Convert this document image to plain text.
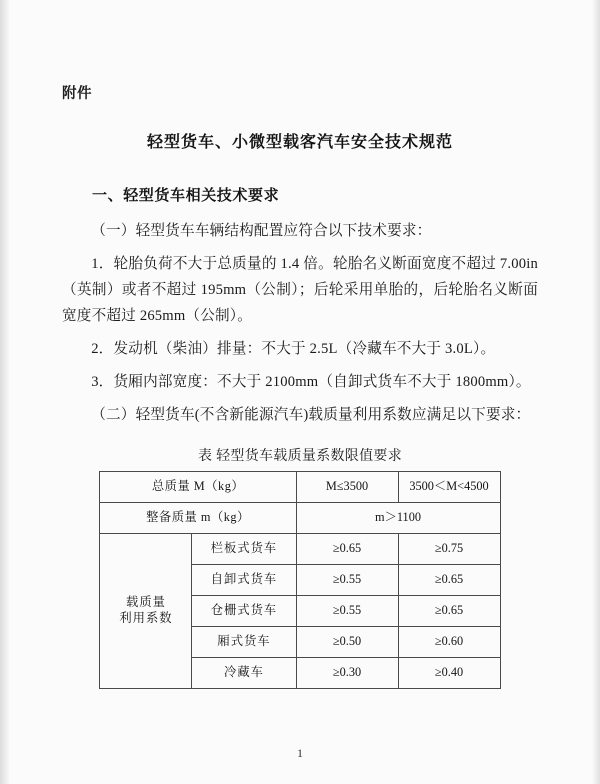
附件
轻型货车、小微型载客汽车安全技术规范
一、轻型货车相关技术要求

（一）轻型货车车辆结构配置应符合以下技术要求：

1．轮胎负荷不大于总质量的 1.4 倍。轮胎名义断面宽度不超过 7.00in（英制）或者不超过 195mm（公制）；后轮采用单胎的，后轮胎名义断面宽度不超过 265mm（公制）。

2．发动机（柴油）排量：不大于 2.5L（冷藏车不大于 3.0L）。

3．货厢内部宽度：不大于 2100mm（自卸式货车不大于 1800mm）。

（二）轻型货车(不含新能源汽车)载质量利用系数应满足以下要求：

表 轻型货车载质量系数限值要求
总质量 M（kg）		M≤3500	3500＜M<4500
整备质量 m（kg）		m＞1100	
载质量
利用系数	栏板式货车	≥0.65	≥0.75
	自卸式货车	≥0.55	≥0.65
	仓栅式货车	≥0.55	≥0.65
	厢式货车	≥0.50	≥0.60
	冷藏车	≥0.30	≥0.40
1
